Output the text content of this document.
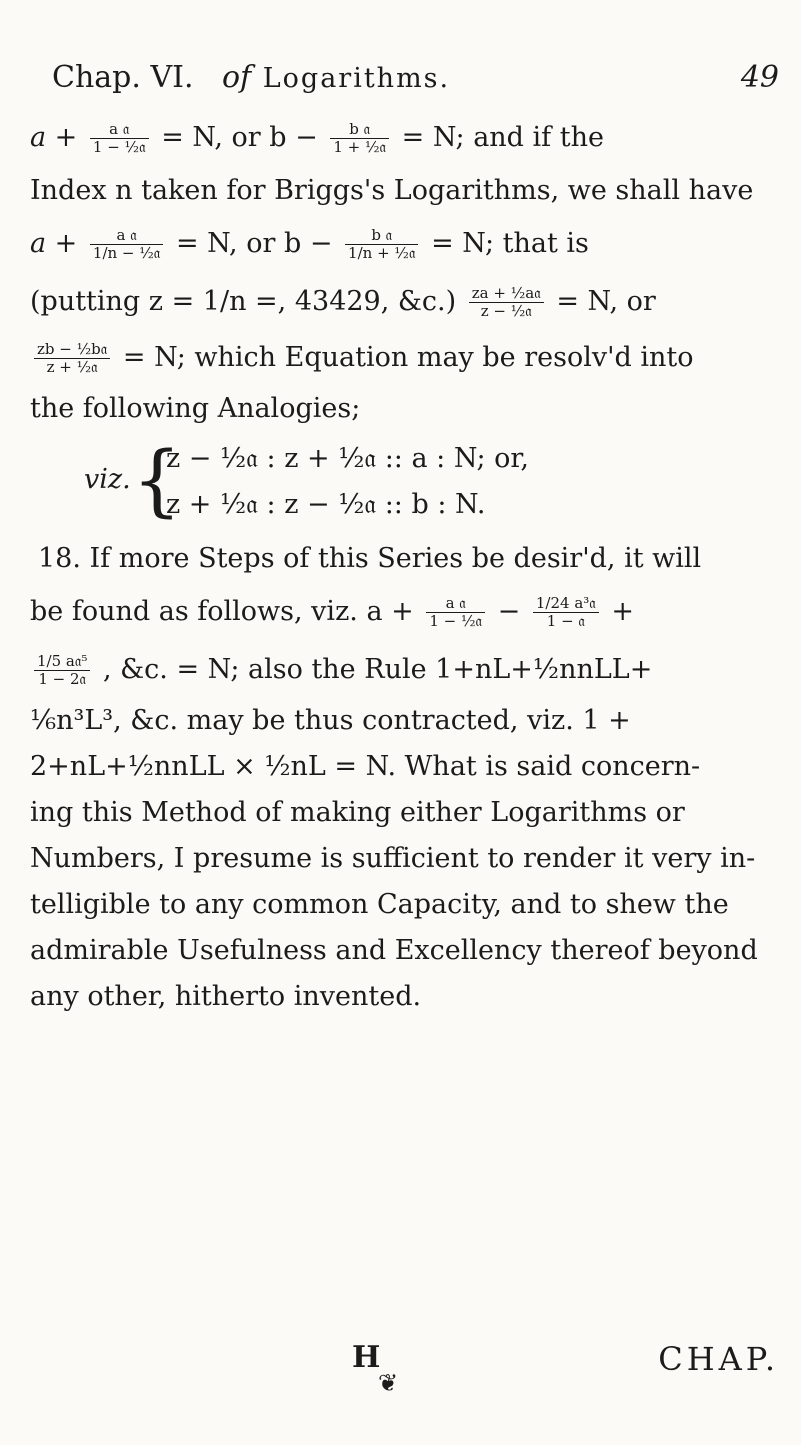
Chap. VI. of Logarithms.	49
a +	a 𝔞
1 − ½𝔞 = N, or b −	b 𝔞
1 + ½𝔞 = N; and if the
Index n taken for Briggs's Logarithms, we shall have
a +	a 𝔞
1/n − ½𝔞 = N, or b −	b 𝔞
1/n + ½𝔞 = N; that is
(putting z = 1/n =, 43429, &c.) za + ½a𝔞
z − ½𝔞 = N, or
zb − ½b𝔞
z + ½𝔞 = N; which Equation may be resolv'd into
the following Analogies;
viz. {
z − ½𝔞 : z + ½𝔞 :: a : N; or,
z + ½𝔞 : z − ½𝔞 :: b : N.
18. If more Steps of this Series be desir'd, it will
be found as follows, viz. a +	a 𝔞
1 − ½𝔞 − 1/24 a³𝔞
1 − 𝔞 +
1/5 a𝔞⁵
1 − 2𝔞 , &c. = N; also the Rule 1+nL+½nnLL+
⅙n³L³, &c. may be thus contracted, viz. 1 +
2+nL+½nnLL × ½nL = N. What is said concern-
ing this Method of making either Logarithms or
Numbers, I presume is sufficient to render it very in-
telligible to any common Capacity, and to shew the
admirable Usefulness and Excellency thereof beyond
any other, hitherto invented.
❦
H	CHAP.
